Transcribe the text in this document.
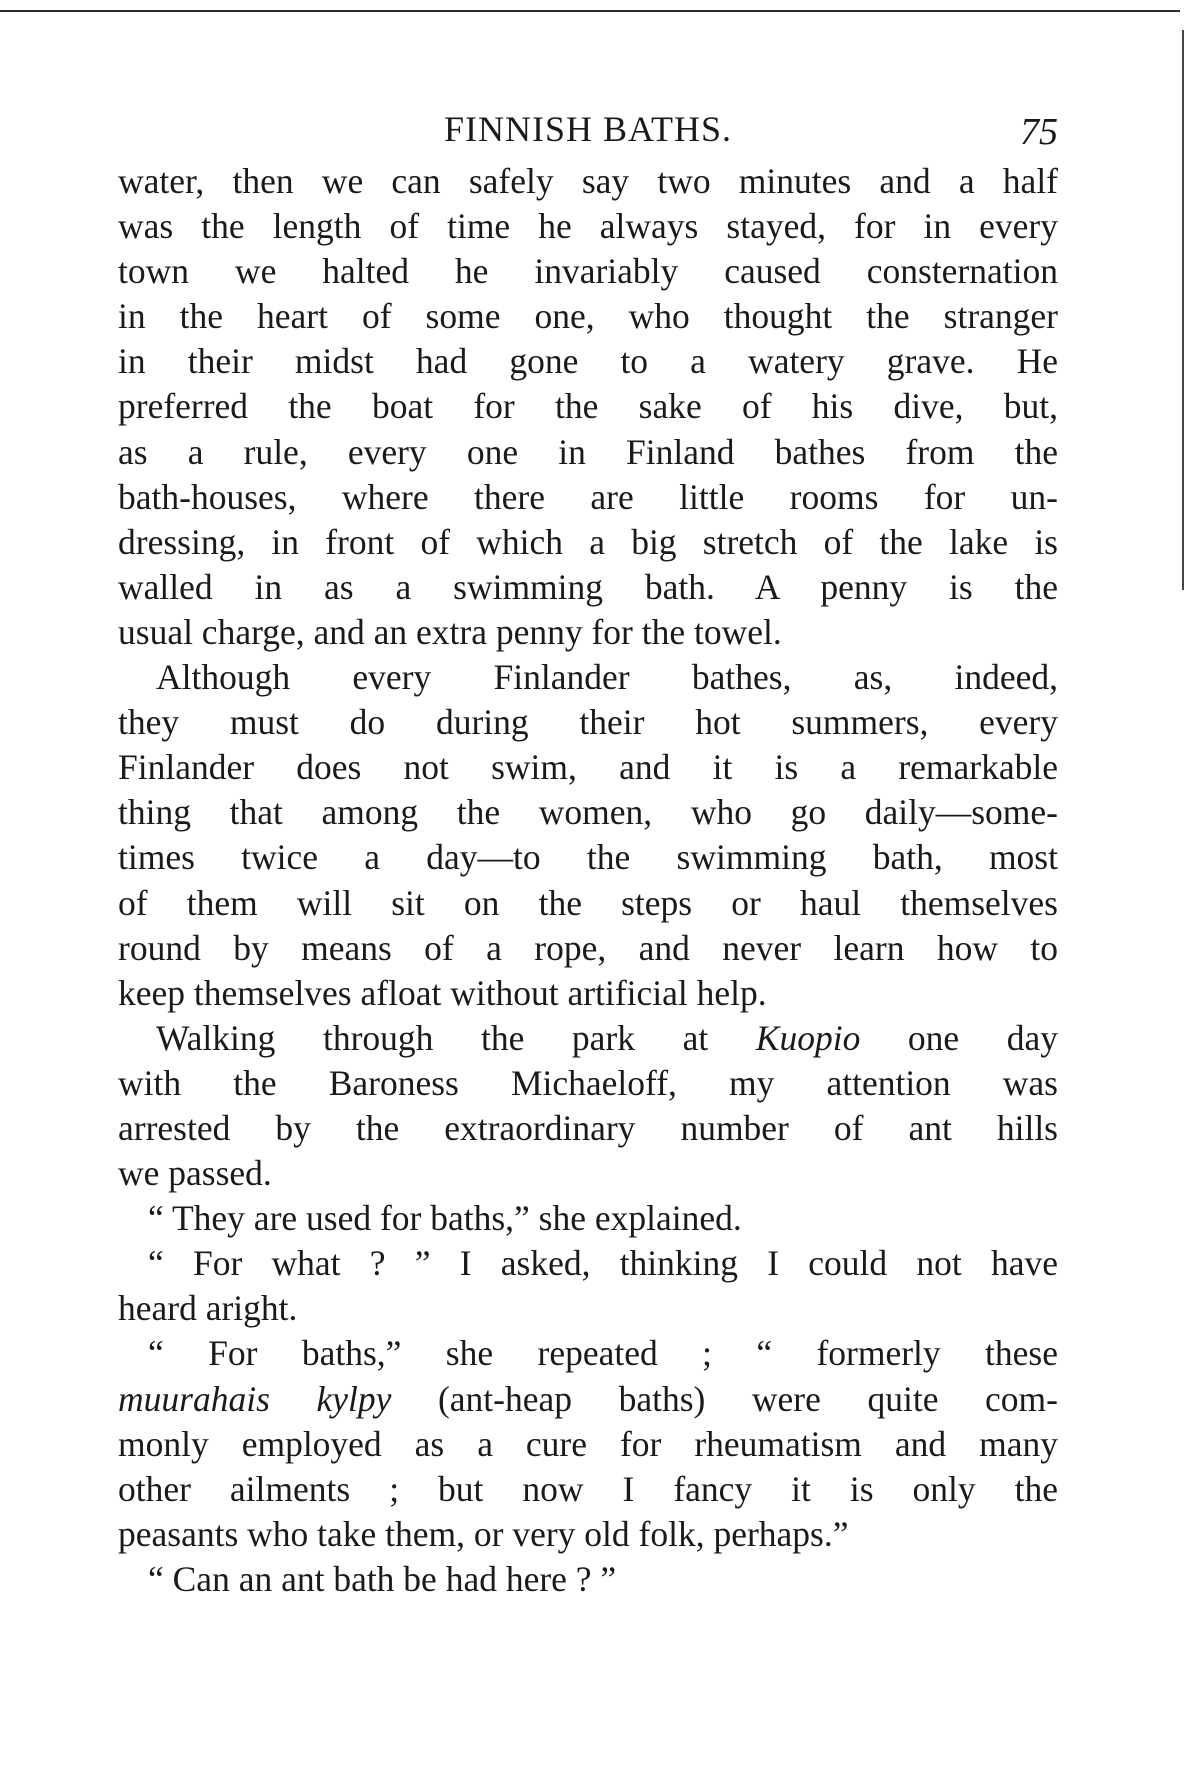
FINNISH BATHS.	75
water, then we can safely say two minutes and a half
was the length of time he always stayed, for in every
town we halted he invariably caused consternation
in the heart of some one, who thought the stranger
in their midst had gone to a watery grave. He
preferred the boat for the sake of his dive, but,
as a rule, every one in Finland bathes from the
bath-houses, where there are little rooms for un-
dressing, in front of which a big stretch of the lake is
walled in as a swimming bath. A penny is the
usual charge, and an extra penny for the towel.
Although every Finlander bathes, as, indeed,
they must do during their hot summers, every
Finlander does not swim, and it is a remarkable
thing that among the women, who go daily—some-
times twice a day—to the swimming bath, most
of them will sit on the steps or haul themselves
round by means of a rope, and never learn how to
keep themselves afloat without artificial help.
Walking through the park at Kuopio one day
with the Baroness Michaeloff, my attention was
arrested by the extraordinary number of ant hills
we passed.
“ They are used for baths,” she explained.
“ For what ? ” I asked, thinking I could not have
heard aright.
“ For baths,” she repeated ; “ formerly these
muurahais kylpy (ant-heap baths) were quite com-
monly employed as a cure for rheumatism and many
other ailments ; but now I fancy it is only the
peasants who take them, or very old folk, perhaps.”
“ Can an ant bath be had here ? ”
